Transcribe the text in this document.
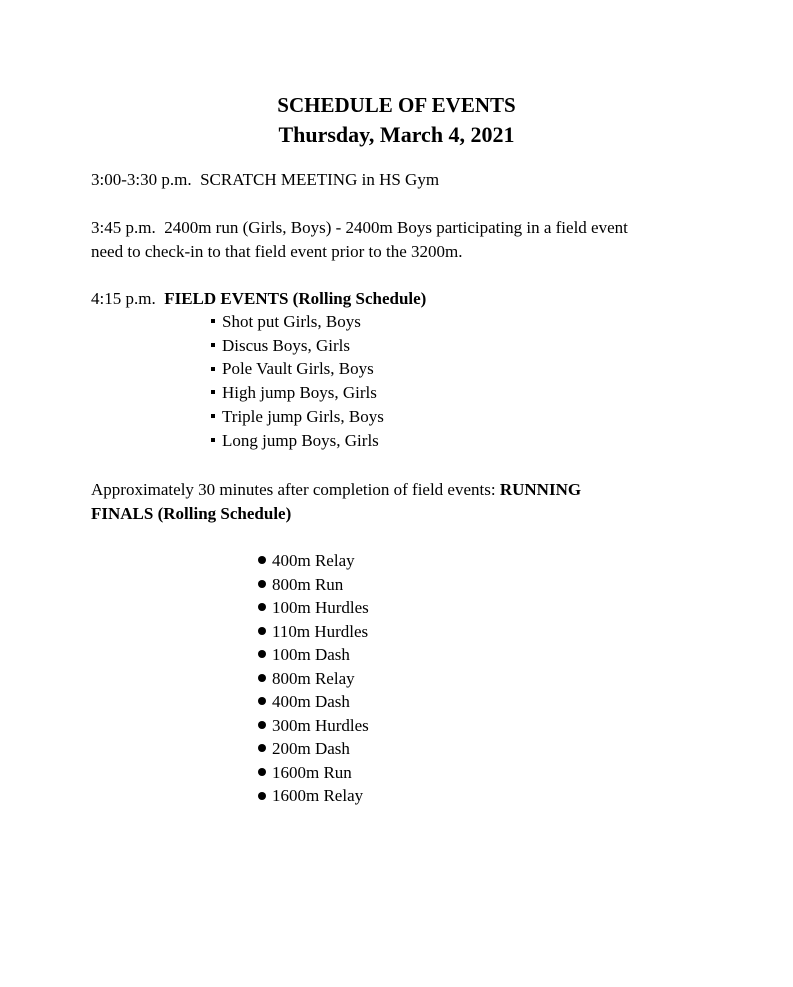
SCHEDULE OF EVENTS
Thursday, March 4, 2021
3:00-3:30 p.m. SCRATCH MEETING in HS Gym
3:45 p.m. 2400m run (Girls, Boys) - 2400m Boys participating in a field event
need to check-in to that field event prior to the 3200m.
4:15 p.m. FIELD EVENTS (Rolling Schedule)
Shot put Girls, Boys
Discus Boys, Girls
Pole Vault Girls, Boys
High jump Boys, Girls
Triple jump Girls, Boys
Long jump Boys, Girls
Approximately 30 minutes after completion of field events: RUNNING
FINALS (Rolling Schedule)
400m Relay
800m Run
100m Hurdles
110m Hurdles
100m Dash
800m Relay
400m Dash
300m Hurdles
200m Dash
1600m Run
1600m Relay
